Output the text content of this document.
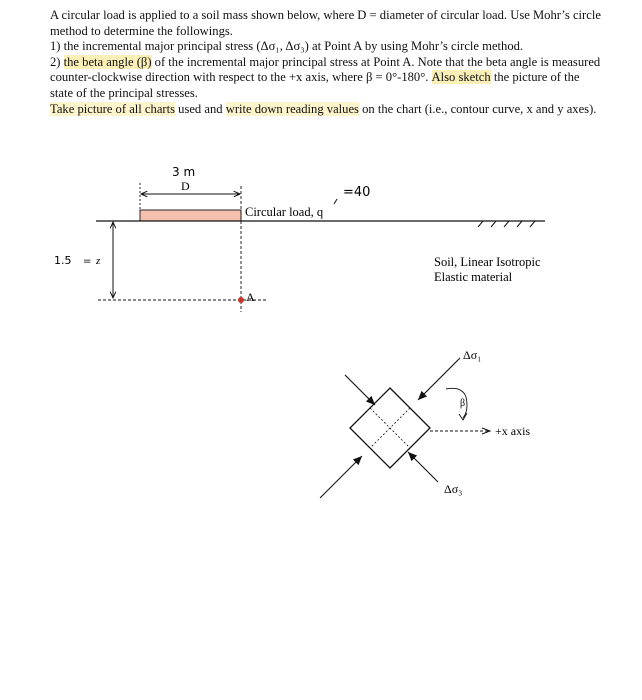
A circular load is applied to a soil mass shown below, where D = diameter of circular load. Use Mohr’s circle method to determine the followings.

1) the incremental major principal stress (Δσ₁, Δσ₃) at Point A by using Mohr’s circle method.

2) the beta angle (β) of the incremental major principal stress at Point A. Note that the beta angle is measured counter-clockwise direction with respect to the +x axis, where β = 0°-180°. Also sketch the picture of the state of the principal stresses.

Take picture of all charts used and write down reading values on the chart (i.e., contour curve, x and y axes).

3 m
D
Circular load, q
=40
1.5 = z	Soil, Linear Isotropic
Elastic material
A
Δσ₁
Δσ₃
+x axis
β
